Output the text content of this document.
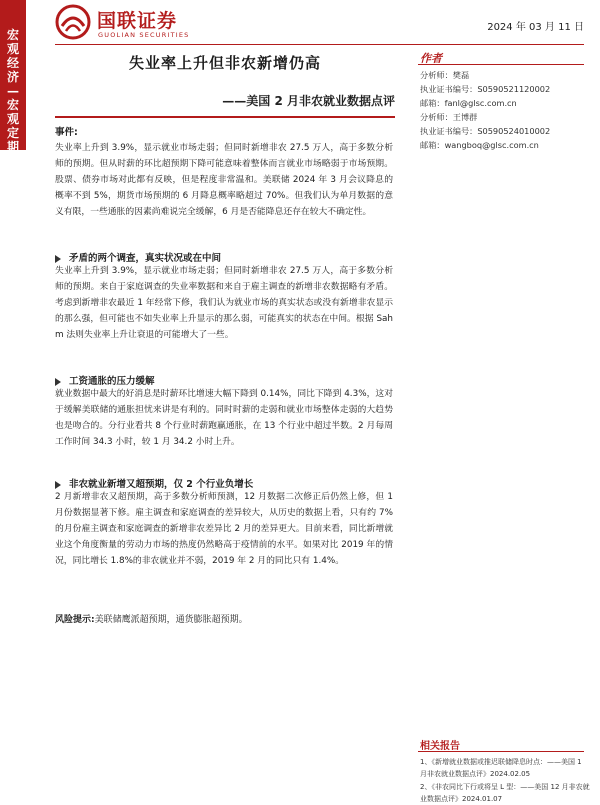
宏观经济—宏观定期
国联证券
GUOLIAN SECURITIES
2024 年 03 月 11 日
失业率上升但非农新增仍高
——美国 2 月非农就业数据点评
事件:
失业率上升到 3.9%，显示就业市场走弱；但同时新增非农 27.5 万人，高于多数分析师的预期。但从时薪的环比超预期下降可能意味着整体而言就业市场略弱于市场预期。股票、债券市场对此都有反映，但是程度非常温和。美联储 2024 年 3 月会议降息的概率不到 5%，期货市场预期的 6 月降息概率略超过 70%。但我们认为单月数据的意义有限，一些通胀的因素尚难说完全缓解，6 月是否能降息还存在较大不确定性。
矛盾的两个调查，真实状况或在中间
失业率上升到 3.9%，显示就业市场走弱；但同时新增非农 27.5 万人，高于多数分析师的预期。来自于家庭调查的失业率数据和来自于雇主调查的新增非农数据略有矛盾。考虑到新增非农最近 1 年经常下修，我们认为就业市场的真实状态或没有新增非农显示的那么强，但可能也不如失业率上升显示的那么弱，可能真实的状态在中间。根据 Sahm 法则失业率上升让衰退的可能增大了一些。
工资通胀的压力缓解
就业数据中最大的好消息是时薪环比增速大幅下降到 0.14%，同比下降到 4.3%，这对于缓解美联储的通胀担忧来讲是有利的。同时时薪的走弱和就业市场整体走弱的大趋势也是吻合的。分行业看共 8 个行业时薪跑赢通胀，在 13 个行业中超过半数。2 月每周工作时间 34.3 小时，较 1 月 34.2 小时上升。
非农就业新增又超预期，仅 2 个行业负增长
2 月新增非农又超预期，高于多数分析师预测，12 月数据二次修正后仍然上修，但 1 月份数据显著下修。雇主调查和家庭调查的差异较大，从历史的数据上看，只有约 7%的月份雇主调查和家庭调查的新增非农差异比 2 月的差异更大。目前来看，同比新增就业这个角度衡量的劳动力市场的热度仍然略高于疫情前的水平。如果对比 2019 年的情况，同比增长 1.8%的非农就业并不弱，2019 年 2 月的同比只有 1.4%。
风险提示:美联储鹰派超预期，通货膨胀超预期。
作者
分析师：樊磊
执业证书编号：S0590521120002
邮箱：fanl@glsc.com.cn
分析师：王博群
执业证书编号：S0590524010002
邮箱：wangboq@glsc.com.cn
相关报告
1、《新增就业数据或推迟联储降息时点：——美国 1 月非农就业数据点评》2024.02.05
2、《非农同比下行或将呈 L 型：——美国 12 月非农就业数据点评》2024.01.07
